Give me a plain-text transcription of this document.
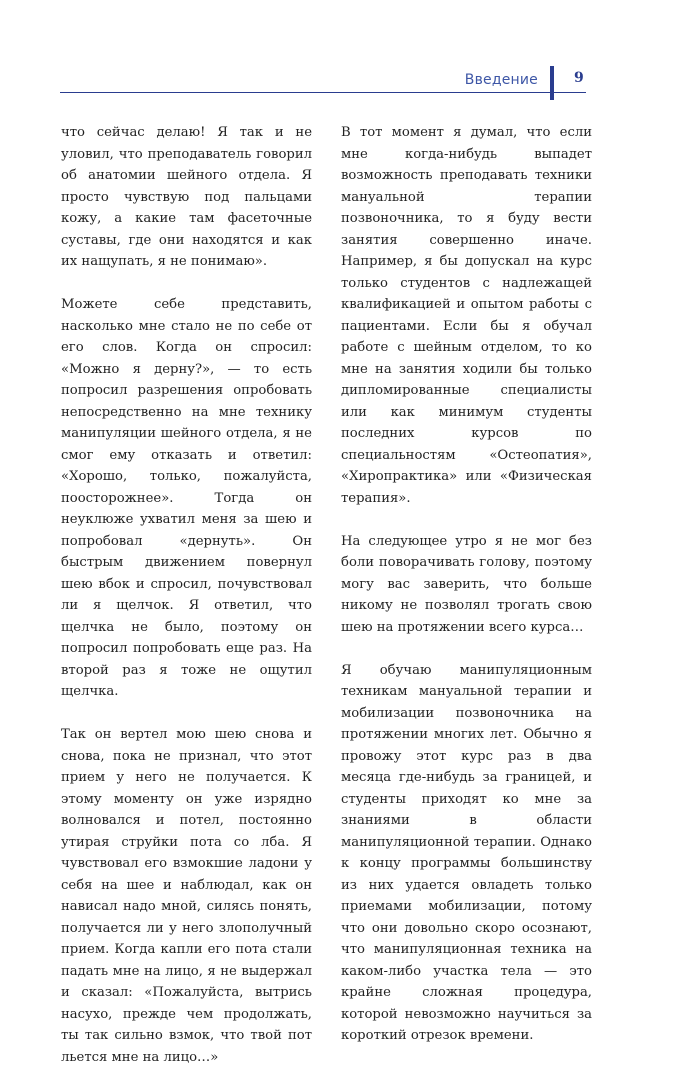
Введение	9

что сейчас делаю! Я так и не уловил, что преподаватель говорил об анатомии шейного отдела. Я просто чувствую под пальцами кожу, а какие там фасеточные суставы, где они находятся и как их нащупать, я не понимаю».

Можете себе представить, насколько мне стало не по себе от его слов. Когда он спросил: «Можно я дерну?», — то есть попросил разрешения опробовать непосредственно на мне технику манипуляции шейного отдела, я не смог ему отказать и ответил: «Хорошо, только, пожалуйста, поосторожнее». Тогда он неуклюже ухватил меня за шею и попробовал «дернуть». Он быстрым движением повернул шею вбок и спросил, почувствовал ли я щелчок. Я ответил, что щелчка не было, поэтому он попросил попробовать еще раз. На второй раз я тоже не ощутил щелчка.

Так он вертел мою шею снова и снова, пока не признал, что этот прием у него не получается. К этому моменту он уже изрядно волновался и потел, постоянно утирая струйки пота со лба. Я чувствовал его взмокшие ладони у себя на шее и наблюдал, как он нависал надо мной, силясь понять, получается ли у него злополучный прием. Когда капли его пота стали падать мне на лицо, я не выдержал и сказал: «Пожалуйста, вытрись насухо, прежде чем продолжать, ты так сильно взмок, что твой пот льется мне на лицо…»

В тот момент я думал, что если мне когда-нибудь выпадет возможность преподавать техники мануальной терапии позвоночника, то я буду вести занятия совершенно иначе. Например, я бы допускал на курс только студентов с надлежащей квалификацией и опытом работы с пациентами. Если бы я обучал работе с шейным отделом, то ко мне на занятия ходили бы только дипломированные специалисты или как минимум студенты последних курсов по специальностям «Остеопатия», «Хиропрактика» или «Физическая терапия».

На следующее утро я не мог без боли поворачивать голову, поэтому могу вас заверить, что больше никому не позволял трогать свою шею на протяжении всего курса…

Я обучаю манипуляционным техникам мануальной терапии и мобилизации позвоночника на протяжении многих лет. Обычно я провожу этот курс раз в два месяца где-нибудь за границей, и студенты приходят ко мне за знаниями в области манипуляционной терапии. Однако к концу программы большинству из них удается овладеть только приемами мобилизации, потому что они довольно скоро осознают, что манипуляционная техника на каком-либо участка тела — это крайне сложная процедура, которой невозможно научиться за короткий отрезок времени.
